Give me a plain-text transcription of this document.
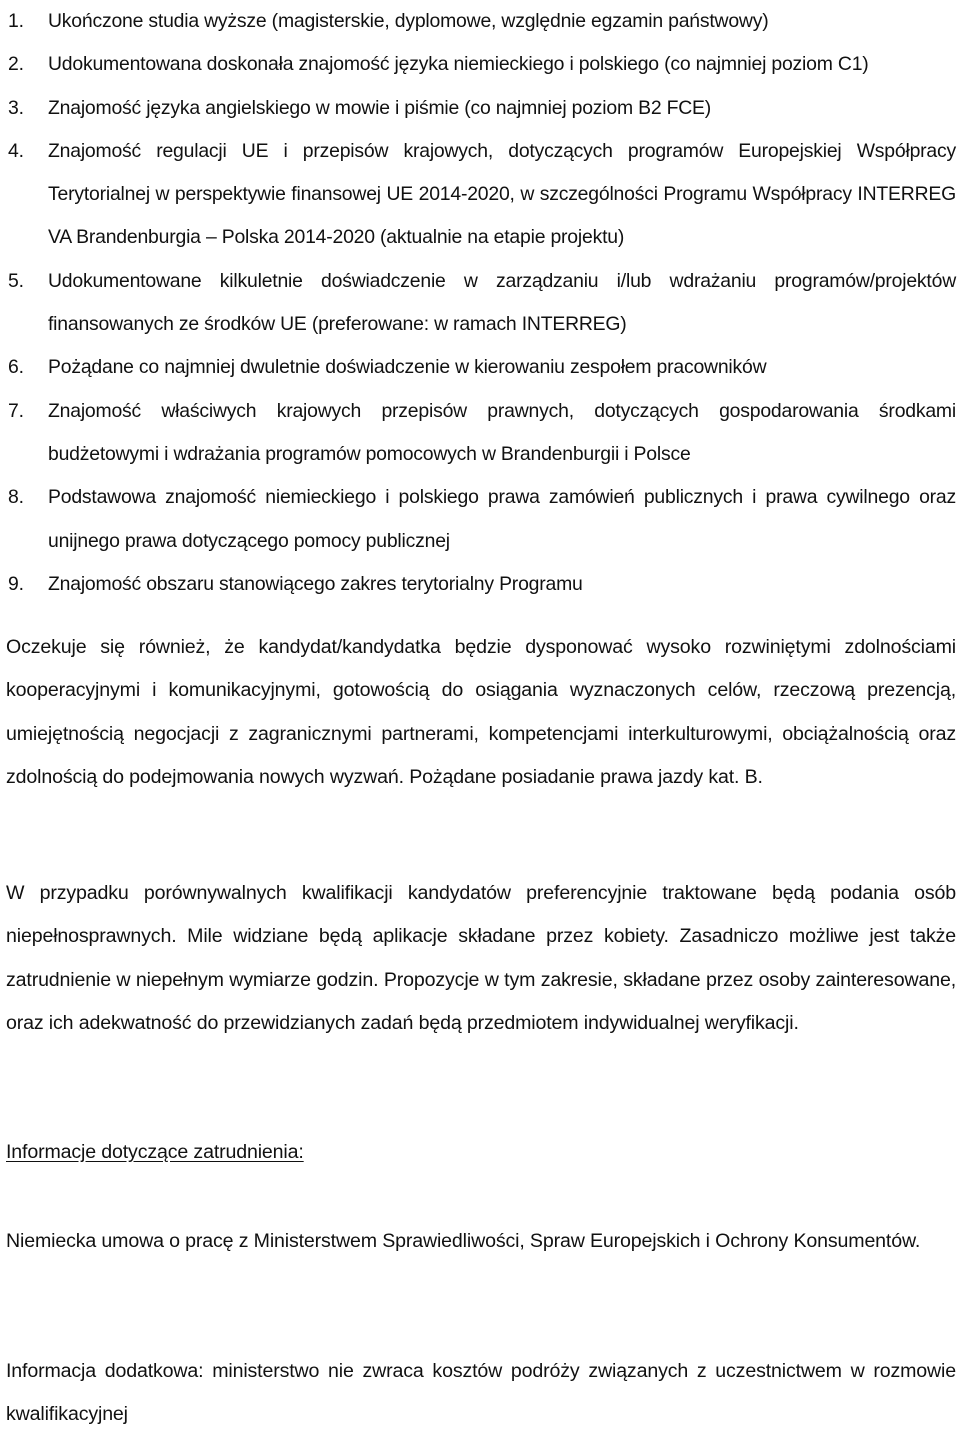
1.	Ukończone studia wyższe (magisterskie, dyplomowe, względnie egzamin państwowy)
2.	Udokumentowana doskonała znajomość języka niemieckiego i polskiego (co najmniej poziom C1)
3.	Znajomość języka angielskiego w mowie i piśmie (co najmniej poziom B2 FCE)
4.	Znajomość regulacji UE i przepisów krajowych, dotyczących programów Europejskiej Współpracy Terytorialnej w perspektywie finansowej UE 2014-2020, w szczególności Programu Współpracy INTERREG VA Brandenburgia – Polska 2014-2020 (aktualnie na etapie projektu)
5.	Udokumentowane kilkuletnie doświadczenie w zarządzaniu i/lub wdrażaniu programów/projektów finansowanych ze środków UE (preferowane: w ramach INTERREG)
6.	Pożądane co najmniej dwuletnie doświadczenie w kierowaniu zespołem pracowników
7.	Znajomość właściwych krajowych przepisów prawnych, dotyczących gospodarowania środkami budżetowymi i wdrażania programów pomocowych w Brandenburgii i Polsce
8.	Podstawowa znajomość niemieckiego i polskiego prawa zamówień publicznych i prawa cywilnego oraz unijnego prawa dotyczącego pomocy publicznej
9.	Znajomość obszaru stanowiącego zakres terytorialny Programu

Oczekuje się również, że kandydat/kandydatka będzie dysponować wysoko rozwiniętymi zdolnościami kooperacyjnymi i komunikacyjnymi, gotowością do osiągania wyznaczonych celów, rzeczową prezencją, umiejętnością negocjacji z zagranicznymi partnerami, kompetencjami interkulturowymi, obciążalnością oraz zdolnością do podejmowania nowych wyzwań. Pożądane posiadanie prawa jazdy kat. B.

W przypadku porównywalnych kwalifikacji kandydatów preferencyjnie traktowane będą podania osób niepełnosprawnych. Mile widziane będą aplikacje składane przez kobiety. Zasadniczo możliwe jest także zatrudnienie w niepełnym wymiarze godzin. Propozycje w tym zakresie, składane przez osoby zainteresowane, oraz ich adekwatność do przewidzianych zadań będą przedmiotem indywidualnej weryfikacji.

Informacje dotyczące zatrudnienia:

Niemiecka umowa o pracę z Ministerstwem Sprawiedliwości, Spraw Europejskich i Ochrony Konsumentów.

Informacja dodatkowa: ministerstwo nie zwraca kosztów podróży związanych z uczestnictwem w rozmowie kwalifikacyjnej
